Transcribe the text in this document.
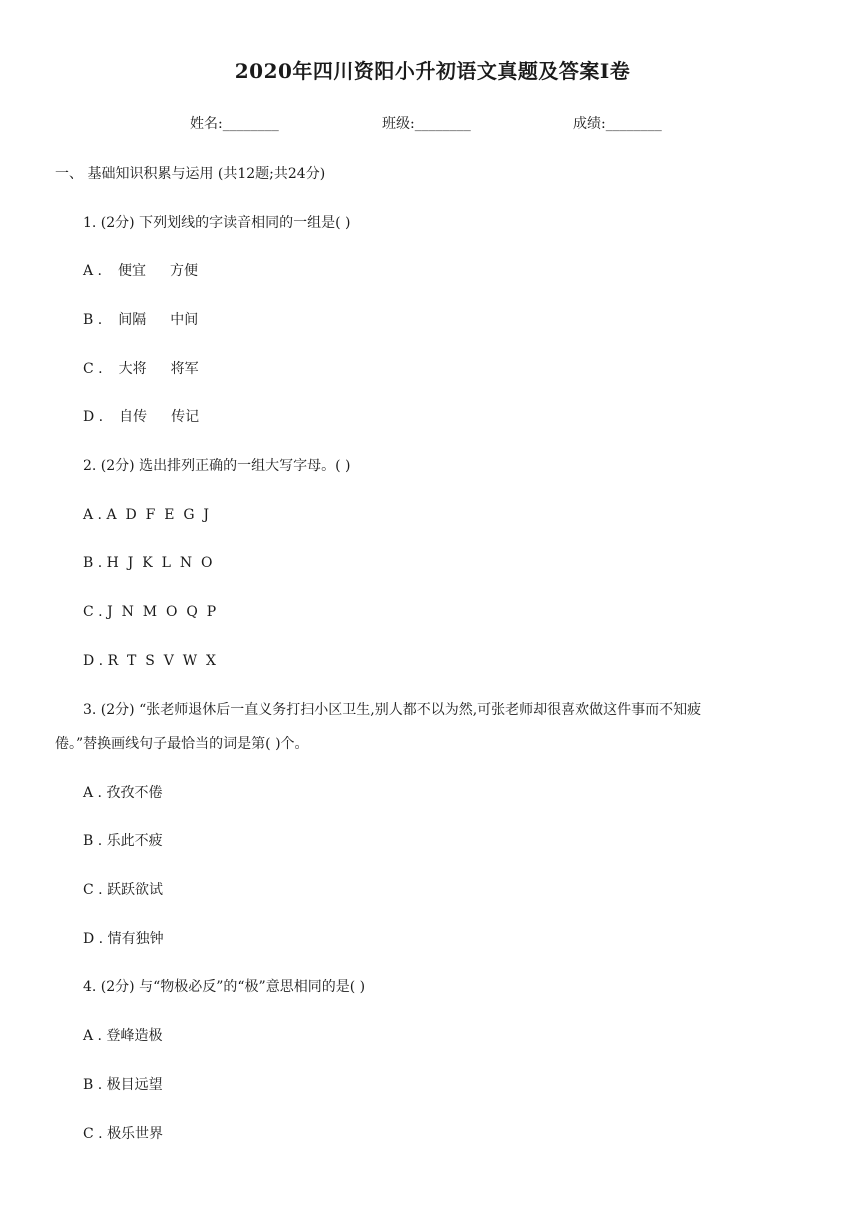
2020年四川资阳小升初语文真题及答案Ⅰ卷
姓名:________	班级:________	成绩:________
一、 基础知识积累与运用 (共12题;共24分)
1. (2分) 下列划线的字读音相同的一组是( )
A . 便宜 方便
B . 间隔 中间
C . 大将 将军
D . 自传 传记
2. (2分) 选出排列正确的一组大写字母。( )
A . A  D  F  E  G  J
B . H  J  K  L  N  O
C . J  N  M  O  Q  P
D . R  T  S  V  W  X
3. (2分) “张老师退休后一直义务打扫小区卫生,别人都不以为然,可张老师却很喜欢做这件事而不知疲
倦。”替换画线句子最恰当的词是第( )个。
A . 孜孜不倦
B . 乐此不疲
C . 跃跃欲试
D . 情有独钟
4. (2分) 与“物极必反”的“极”意思相同的是( )
A . 登峰造极
B . 极目远望
C . 极乐世界
